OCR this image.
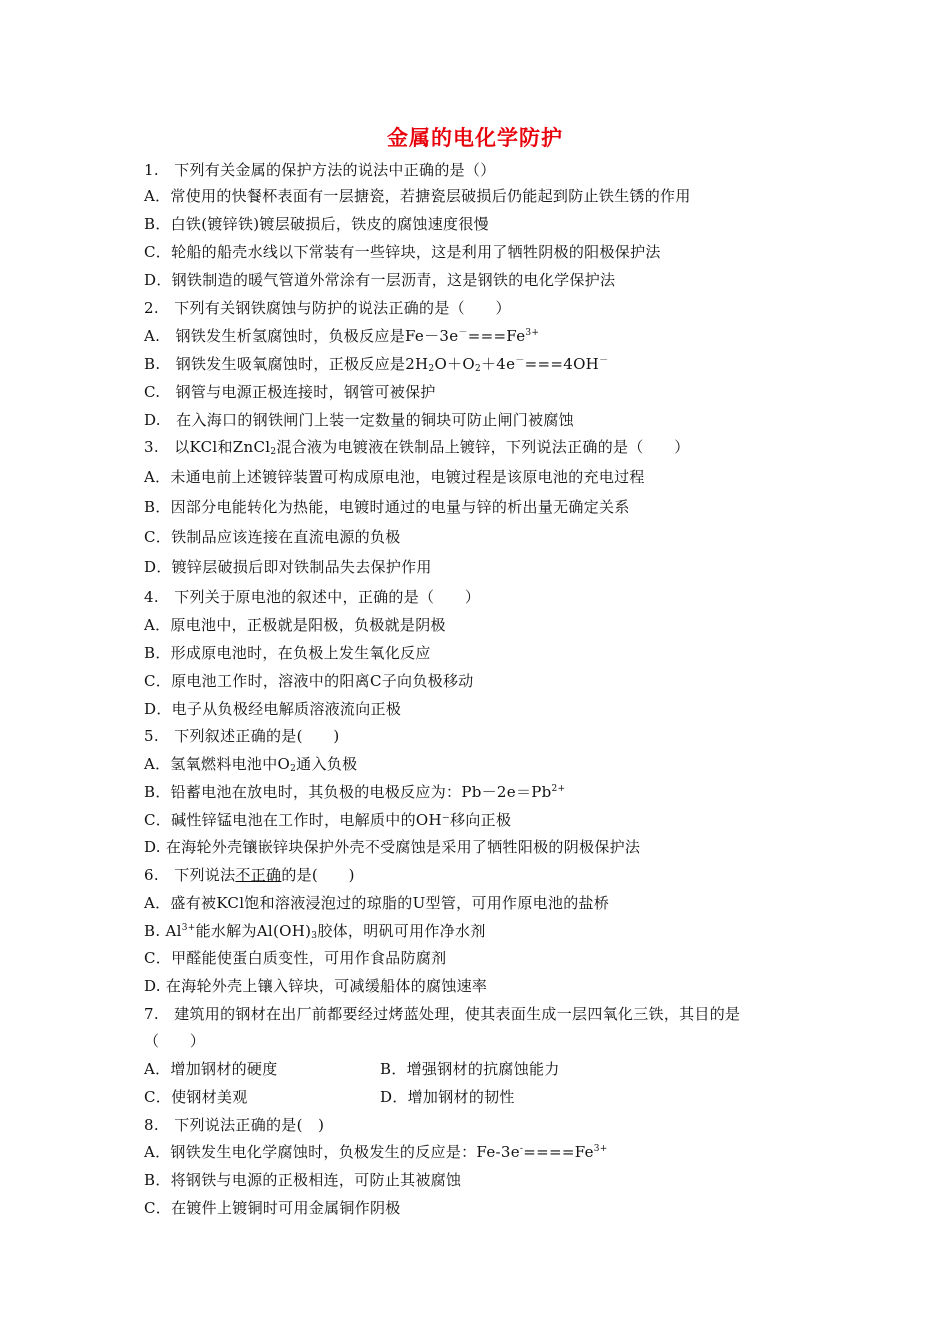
金属的电化学防护
1.　下列有关金属的保护方法的说法中正确的是（）
A．常使用的快餐杯表面有一层搪瓷，若搪瓷层破损后仍能起到防止铁生锈的作用
B．白铁(镀锌铁)镀层破损后，铁皮的腐蚀速度很慢
C．轮船的船壳水线以下常装有一些锌块，这是利用了牺牲阴极的阳极保护法
D．钢铁制造的暖气管道外常涂有一层沥青，这是钢铁的电化学保护法
2.　下列有关钢铁腐蚀与防护的说法正确的是（　　）
A.　钢铁发生析氢腐蚀时，负极反应是$Fe-3e^-===Fe^{3+}$
B.　钢铁发生吸氧腐蚀时，正极反应是$2H_2O+O_2+4e^-===4OH^-$
C.　钢管与电源正极连接时，钢管可被保护
D.　在入海口的钢铁闸门上装一定数量的铜块可防止闸门被腐蚀
3.　以KCl和ZnCl$_2$混合液为电镀液在铁制品上镀锌，下列说法正确的是（　　）
A．未通电前上述镀锌装置可构成原电池，电镀过程是该原电池的充电过程
B．因部分电能转化为热能，电镀时通过的电量与锌的析出量无确定关系
C．铁制品应该连接在直流电源的负极
D．镀锌层破损后即对铁制品失去保护作用
4.　下列关于原电池的叙述中，正确的是（　　）
A．原电池中，正极就是阳极，负极就是阴极
B．形成原电池时，在负极上发生氧化反应
C．原电池工作时，溶液中的阳离C子向负极移动
D．电子从负极经电解质溶液流向正极
5.　下列叙述正确的是(　　)
A．氢氧燃料电池中$O_2$通入负极
B．铅蓄电池在放电时，其负极的电极反应为：$Pb-2e=Pb^{2+}$
C．碱性锌锰电池在工作时，电解质中的OH⁻移向正极
D. 在海轮外壳镶嵌锌块保护外壳不受腐蚀是采用了牺牲阳极的阴极保护法
6.　下列说法不正确的是(　　)
A．盛有被KCl饱和溶液浸泡过的琼脂的U型管，可用作原电池的盐桥
B. $Al^{3+}$能水解为$Al(OH)_3$胶体，明矾可用作净水剂
C．甲醛能使蛋白质变性，可用作食品防腐剂
D. 在海轮外壳上镶入锌块，可减缓船体的腐蚀速率
7.　建筑用的钢材在出厂前都要经过烤蓝处理，使其表面生成一层四氧化三铁，其目的是
（　　）
A．增加钢材的硬度	B．增强钢材的抗腐蚀能力
C．使钢材美观	D．增加钢材的韧性
8.　下列说法正确的是(　)
A．钢铁发生电化学腐蚀时，负极发生的反应是：$Fe-3e^-====Fe^{3+}$
B．将钢铁与电源的正极相连，可防止其被腐蚀
C．在镀件上镀铜时可用金属铜作阴极
